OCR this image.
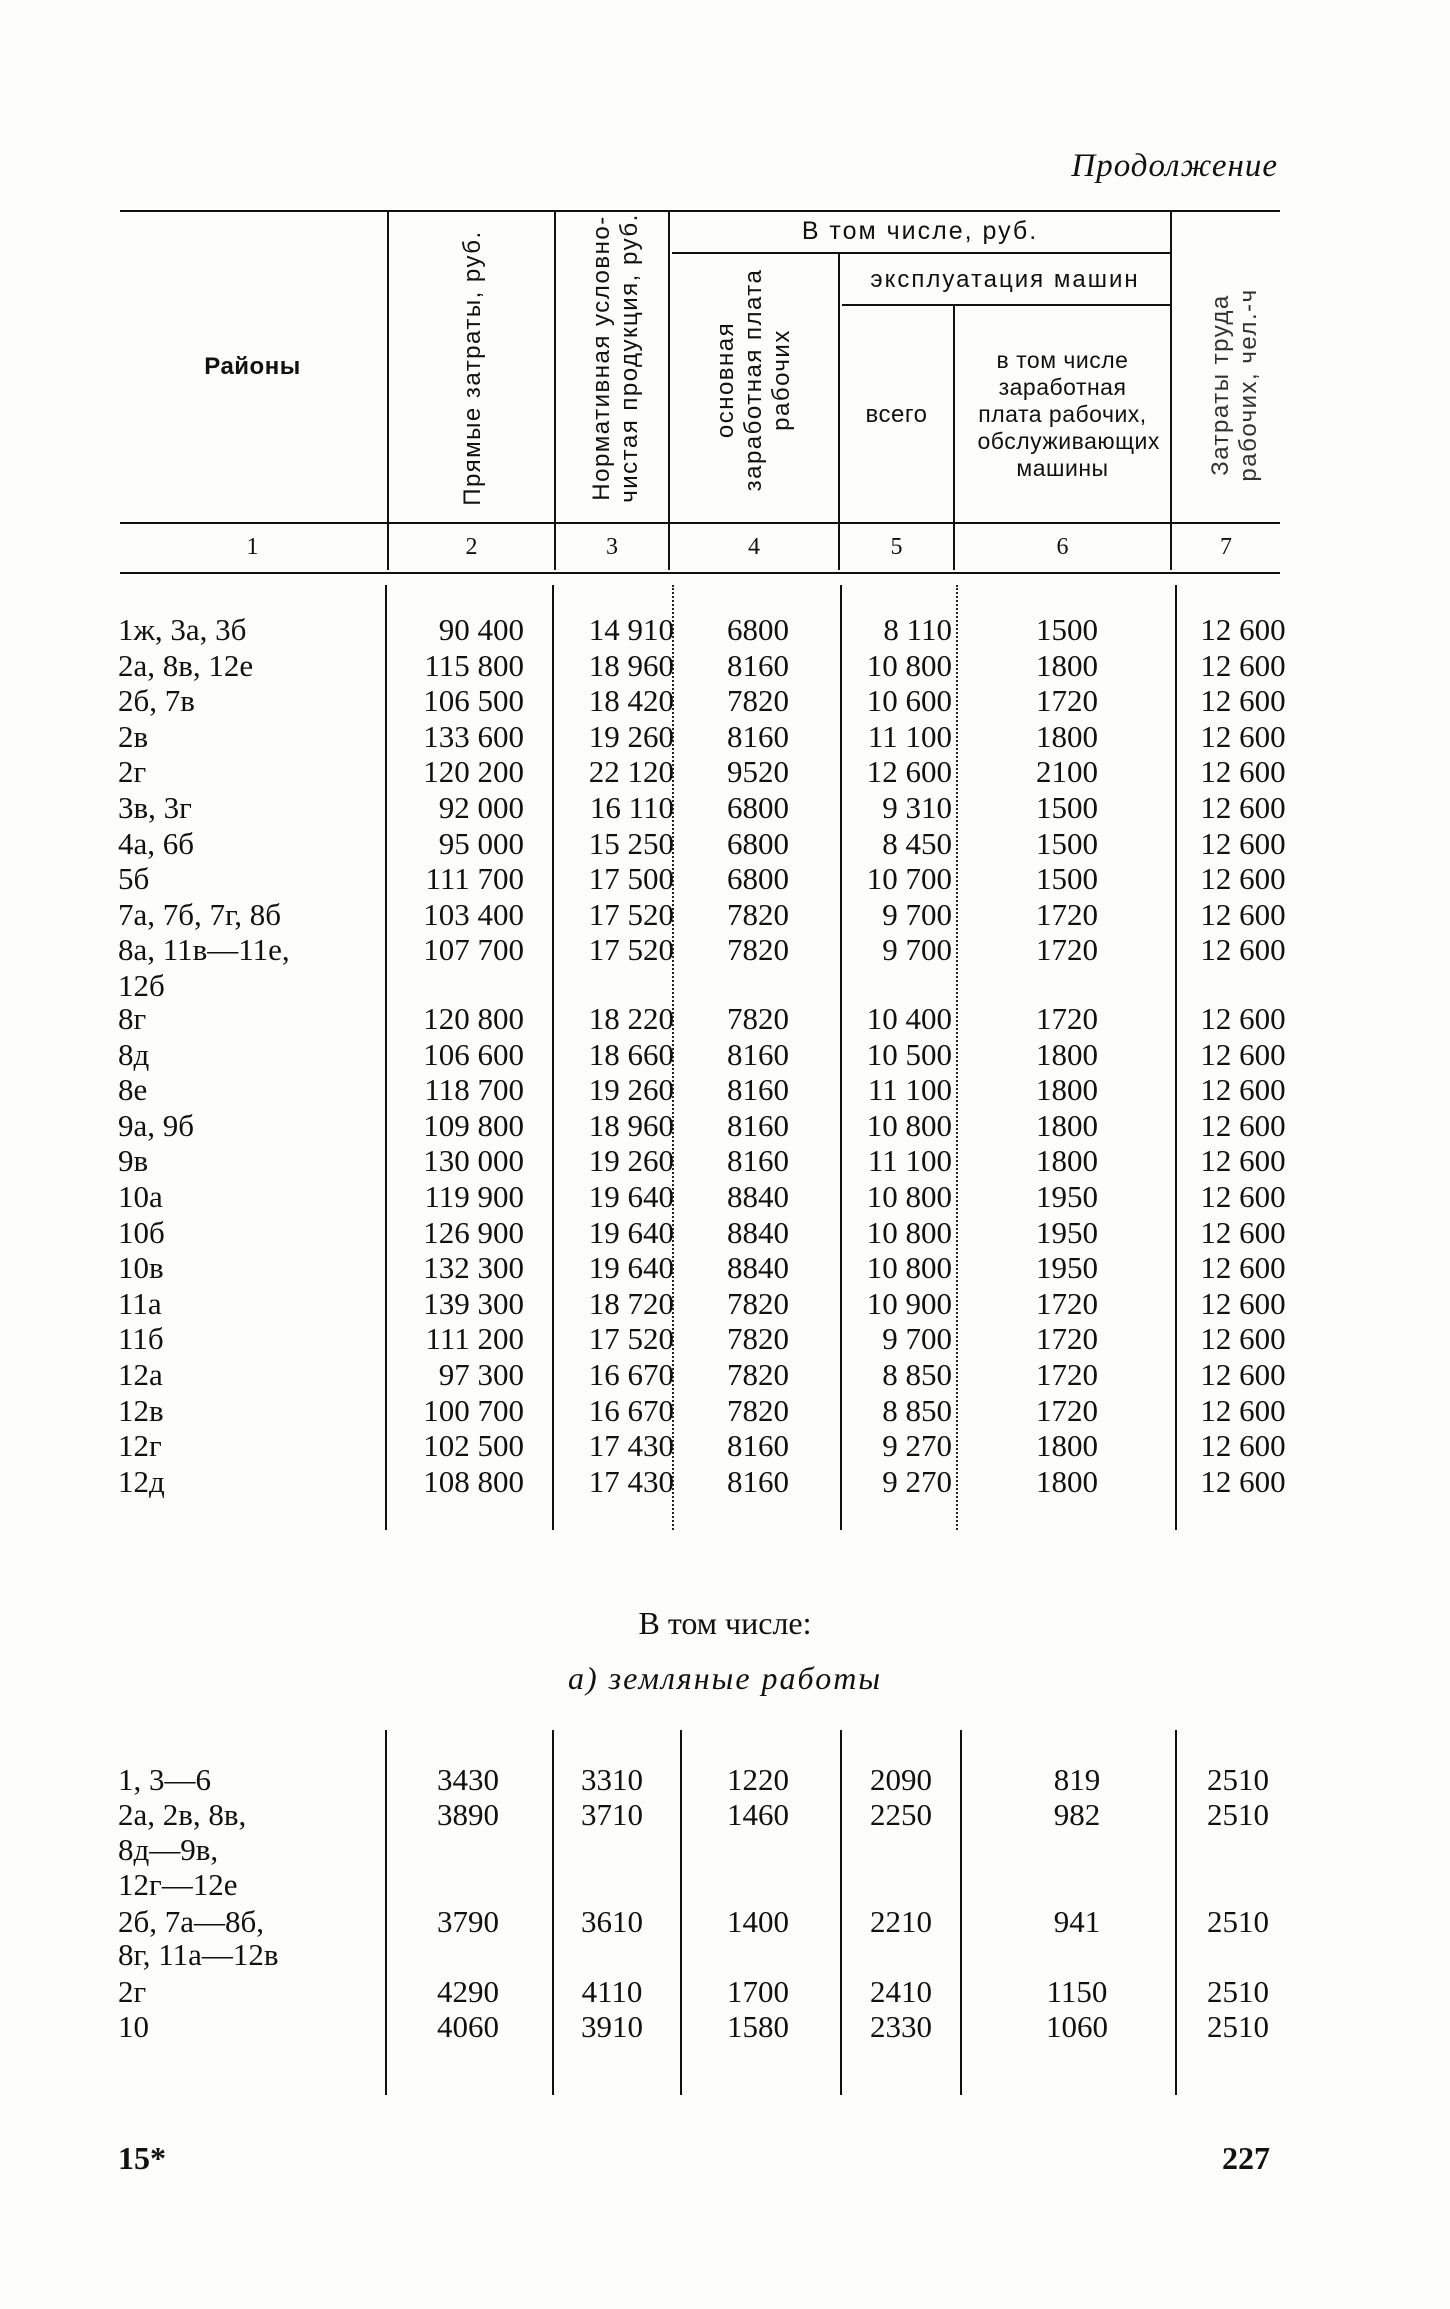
Продолжение
Районы	Прямые затраты, руб.	Нормативная условно-чистая продукция, руб.	В том числе, руб.
эксплуатация машин
основная заработная плата рабочих	всего
в том числе заработная плата рабочих, обслуживающих машины	Затраты труда рабочих, чел.-ч
1	2	3	4	5	6	7
1ж, 3а, 3б	90 400	14 910	6800	8 110	1500	12 600
2а, 8в, 12е	115 800	18 960	8160	10 800	1800	12 600
2б, 7в	106 500	18 420	7820	10 600	1720	12 600
2в	133 600	19 260	8160	11 100	1800	12 600
2г	120 200	22 120	9520	12 600	2100	12 600
3в, 3г	92 000	16 110	6800	9 310	1500	12 600
4а, 6б	95 000	15 250	6800	8 450	1500	12 600
5б	111 700	17 500	6800	10 700	1500	12 600
7а, 7б, 7г, 8б	103 400	17 520	7820	9 700	1720	12 600
8а, 11в—11е,	107 700	17 520	7820	9 700	1720	12 600
12б
8г	120 800	18 220	7820	10 400	1720	12 600
8д	106 600	18 660	8160	10 500	1800	12 600
8е	118 700	19 260	8160	11 100	1800	12 600
9а, 9б	109 800	18 960	8160	10 800	1800	12 600
9в	130 000	19 260	8160	11 100	1800	12 600
10а	119 900	19 640	8840	10 800	1950	12 600
10б	126 900	19 640	8840	10 800	1950	12 600
10в	132 300	19 640	8840	10 800	1950	12 600
11а	139 300	18 720	7820	10 900	1720	12 600
11б	111 200	17 520	7820	9 700	1720	12 600
12а	97 300	16 670	7820	8 850	1720	12 600
12в	100 700	16 670	7820	8 850	1720	12 600
12г	102 500	17 430	8160	9 270	1800	12 600
12д	108 800	17 430	8160	9 270	1800	12 600
В том числе:
а) земляные работы
1, 3—6	3430	3310	1220	2090	819	2510
2а, 2в, 8в,	3890	3710	1460	2250	982	2510
8д—9в,
12г—12е
2б, 7а—8б,	3790	3610	1400	2210	941	2510
8г, 11а—12в
2г	4290	4110	1700	2410	1150	2510
10	4060	3910	1580	2330	1060	2510
15*	227
